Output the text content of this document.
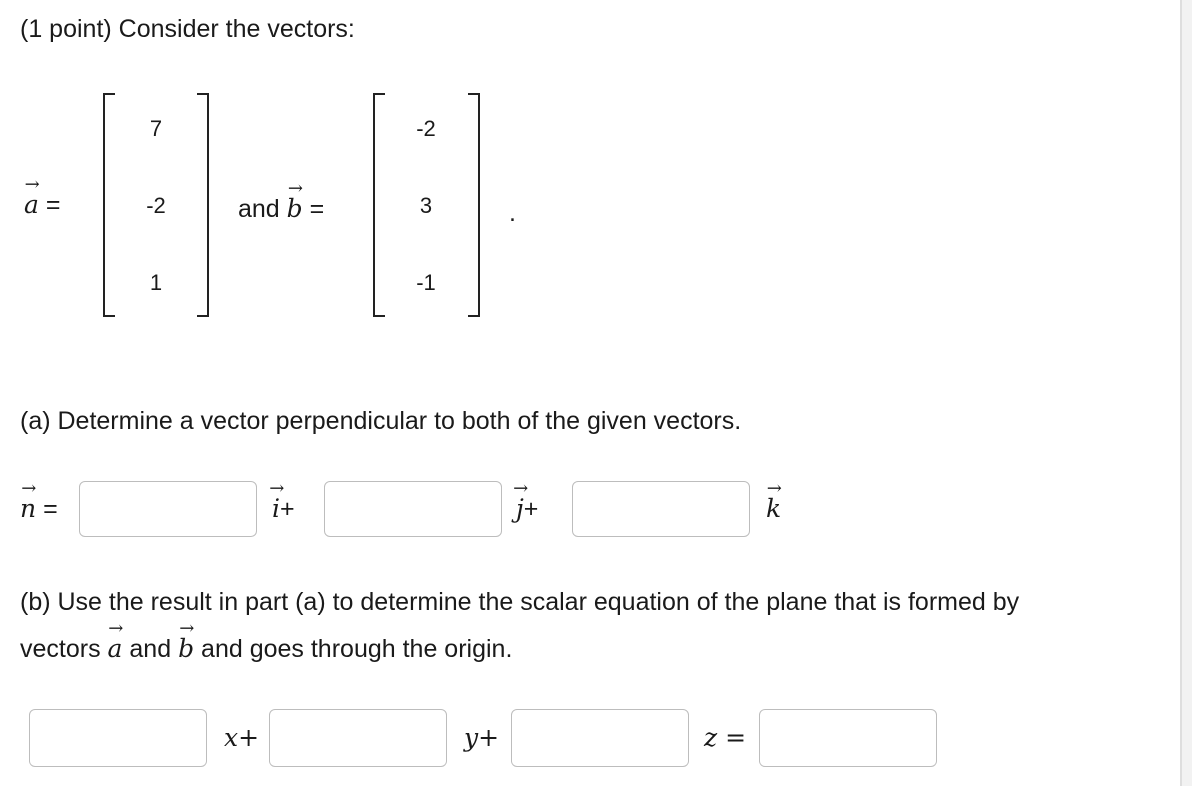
(1 point) Consider the vectors:
→
a =
7
-2
1
and
→
b =
-2
3
-1
.
(a) Determine a vector perpendicular to both of the given vectors.
→
n =
→
i+
→
j+
→
k
(b) Use the result in part (a) to determine the scalar equation of the plane that is formed by
vectors
→
a and
→
b and goes through the origin.
x+	y+	z =
